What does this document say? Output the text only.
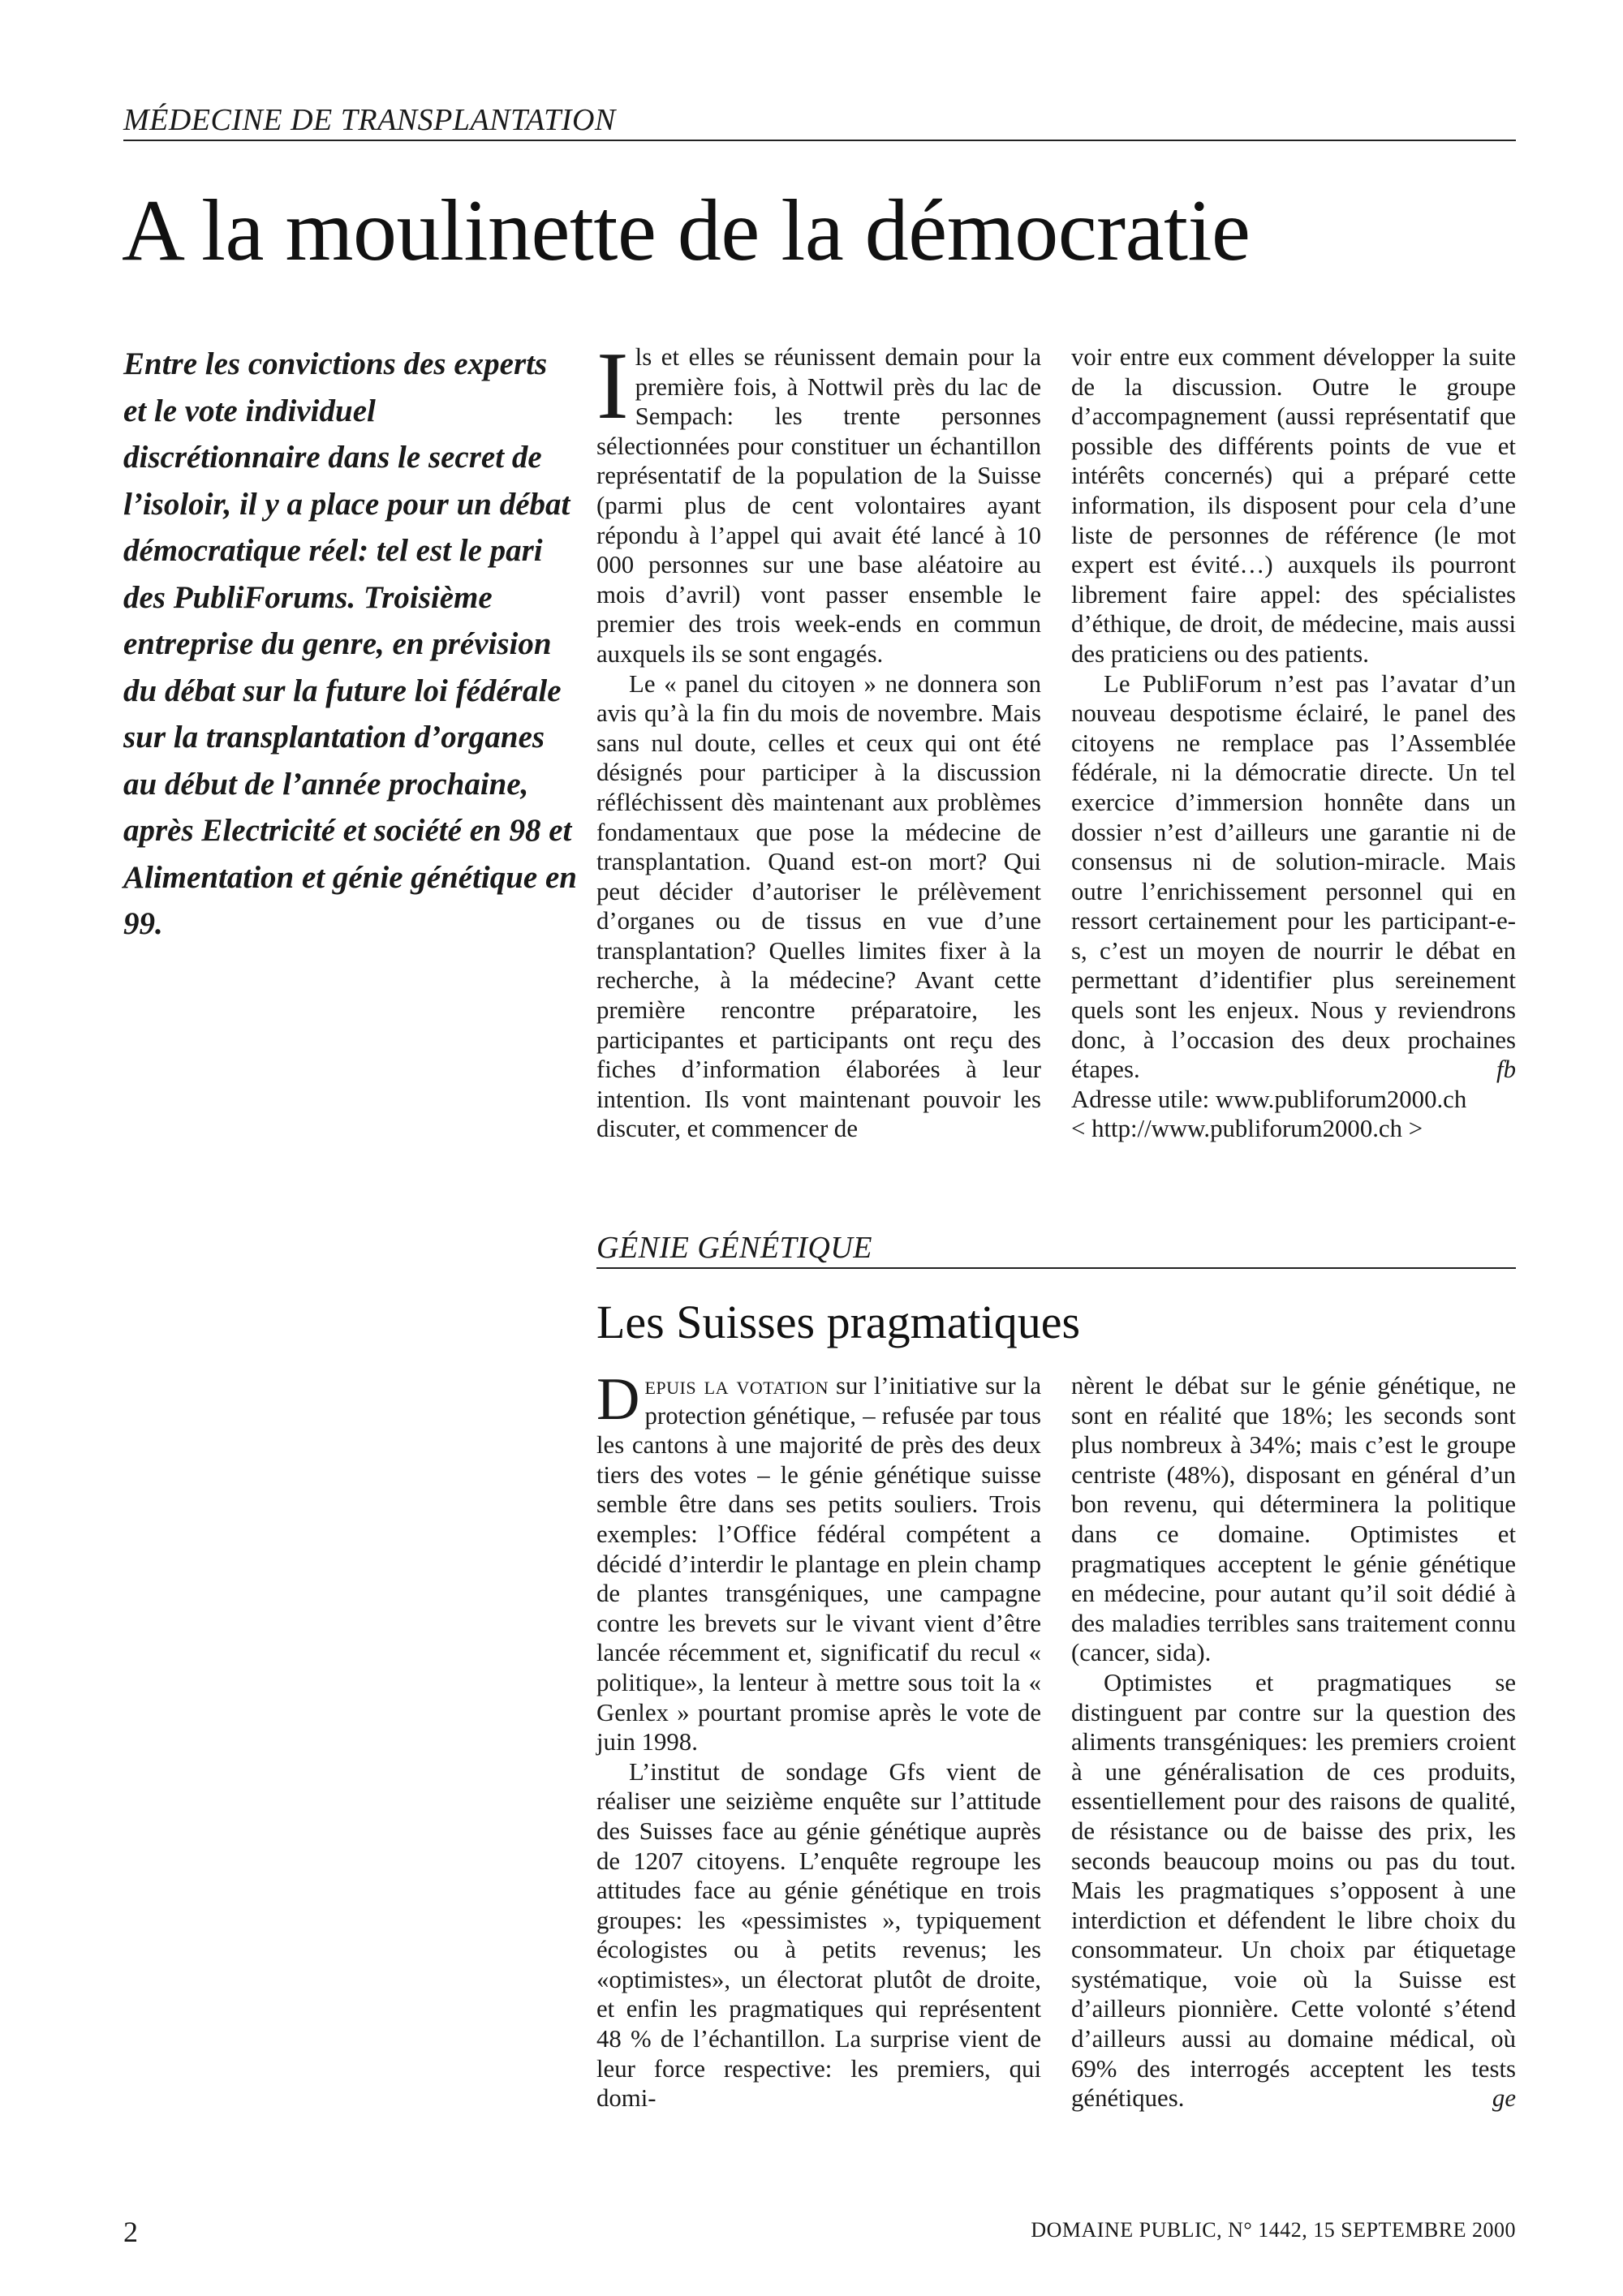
MÉDECINE DE TRANSPLANTATION
A la moulinette de la démocratie

Entre les convictions des experts et le vote individuel discrétionnaire dans le secret de l’isoloir, il y a place pour un débat démocratique réel: tel est le pari des PubliForums. Troisième entreprise du genre, en prévision du débat sur la future loi fédérale sur la transplantation d’organes au début de l’année prochaine, après Electricité et société en 98 et Alimentation et génie génétique en 99.

Ils et elles se réunissent demain pour la première fois, à Nottwil près du lac de Sempach: les trente personnes sélectionnées pour constituer un échantillon représentatif de la population de la Suisse (parmi plus de cent volontaires ayant répondu à l’appel qui avait été lancé à 10 000 personnes sur une base aléatoire au mois d’avril) vont passer ensemble le premier des trois week-ends en commun auxquels ils se sont engagés.

Le « panel du citoyen » ne donnera son avis qu’à la fin du mois de novembre. Mais sans nul doute, celles et ceux qui ont été désignés pour participer à la discussion réfléchissent dès maintenant aux problèmes fondamentaux que pose la médecine de transplantation. Quand est-on mort? Qui peut décider d’autoriser le prélèvement d’organes ou de tissus en vue d’une transplantation? Quelles limites fixer à la recherche, à la médecine? Avant cette première rencontre préparatoire, les participantes et participants ont reçu des fiches d’information élaborées à leur intention. Ils vont maintenant pouvoir les discuter, et commencer de

voir entre eux comment développer la suite de la discussion. Outre le groupe d’accompagnement (aussi représentatif que possible des différents points de vue et intérêts concernés) qui a préparé cette information, ils disposent pour cela d’une liste de personnes de référence (le mot expert est évité…) auxquels ils pourront librement faire appel: des spécialistes d’éthique, de droit, de médecine, mais aussi des praticiens ou des patients.

Le PubliForum n’est pas l’avatar d’un nouveau despotisme éclairé, le panel des citoyens ne remplace pas l’Assemblée fédérale, ni la démocratie directe. Un tel exercice d’immersion honnête dans un dossier n’est d’ailleurs une garantie ni de consensus ni de solution-miracle. Mais outre l’enrichissement personnel qui en ressort certainement pour les participant-e-s, c’est un moyen de nourrir le débat en permettant d’identifier plus sereinement quels sont les enjeux. Nous y reviendrons donc, à l’occasion des deux prochaines étapes.	fb

Adresse utile: www.publiforum2000.ch
< http://www.publiforum2000.ch >

GÉNIE GÉNÉTIQUE
Les Suisses pragmatiques

Depuis la votation sur l’initiative sur la protection génétique, – refusée par tous les cantons à une majorité de près des deux tiers des votes – le génie génétique suisse semble être dans ses petits souliers. Trois exemples: l’Office fédéral compétent a décidé d’interdir le plantage en plein champ de plantes transgéniques, une campagne contre les brevets sur le vivant vient d’être lancée récemment et, significatif du recul « politique», la lenteur à mettre sous toit la « Genlex » pourtant promise après le vote de juin 1998.

L’institut de sondage Gfs vient de réaliser une seizième enquête sur l’attitude des Suisses face au génie génétique auprès de 1207 citoyens. L’enquête regroupe les attitudes face au génie génétique en trois groupes: les «pessimistes », typiquement écologistes ou à petits revenus; les «optimistes», un électorat plutôt de droite, et enfin les pragmatiques qui représentent 48 % de l’échantillon. La surprise vient de leur force respective: les premiers, qui domi-

nèrent le débat sur le génie génétique, ne sont en réalité que 18%; les seconds sont plus nombreux à 34%; mais c’est le groupe centriste (48%), disposant en général d’un bon revenu, qui déterminera la politique dans ce domaine. Optimistes et pragmatiques acceptent le génie génétique en médecine, pour autant qu’il soit dédié à des maladies terribles sans traitement connu (cancer, sida).

Optimistes et pragmatiques se distinguent par contre sur la question des aliments transgéniques: les premiers croient à une généralisation de ces produits, essentiellement pour des raisons de qualité, de résistance ou de baisse des prix, les seconds beaucoup moins ou pas du tout. Mais les pragmatiques s’opposent à une interdiction et défendent le libre choix du consommateur. Un choix par étiquetage systématique, voie où la Suisse est d’ailleurs pionnière. Cette volonté s’étend d’ailleurs aussi au domaine médical, où 69% des interrogés acceptent les tests génétiques.	ge

2	DOMAINE PUBLIC, N° 1442, 15 SEPTEMBRE 2000
